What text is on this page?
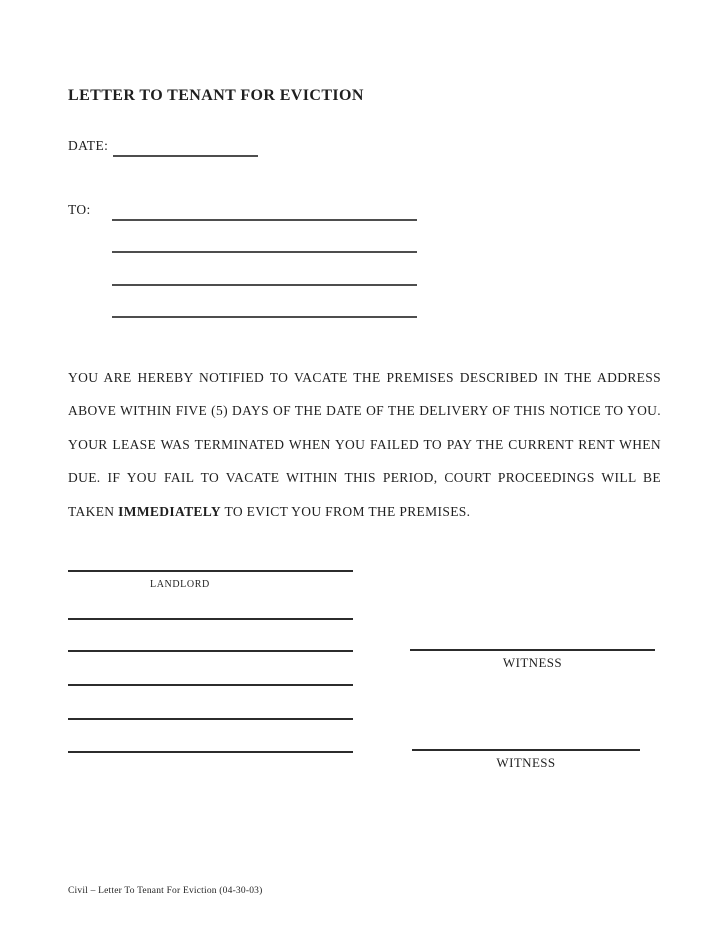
LETTER TO TENANT FOR EVICTION
DATE:
TO:
YOU ARE HEREBY NOTIFIED TO VACATE THE PREMISES DESCRIBED IN THE ADDRESS
ABOVE WITHIN FIVE (5) DAYS OF THE DATE OF THE DELIVERY OF THIS NOTICE TO YOU.
YOUR LEASE WAS TERMINATED WHEN YOU FAILED TO PAY THE CURRENT RENT WHEN
DUE. IF YOU FAIL TO VACATE WITHIN THIS PERIOD, COURT PROCEEDINGS WILL BE
TAKEN IMMEDIATELY TO EVICT YOU FROM THE PREMISES.
LANDLORD
WITNESS
WITNESS
Civil – Letter To Tenant For Eviction (04-30-03)
